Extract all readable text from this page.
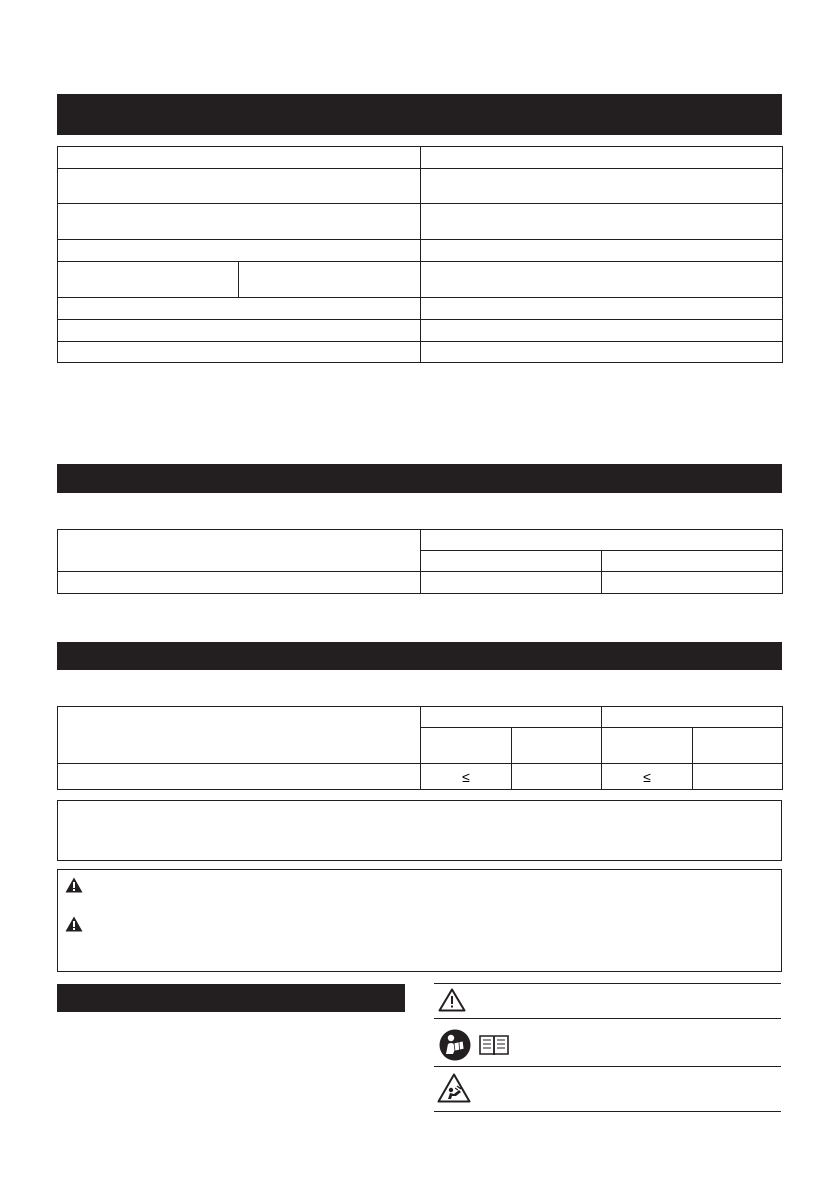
	≤		≤	
